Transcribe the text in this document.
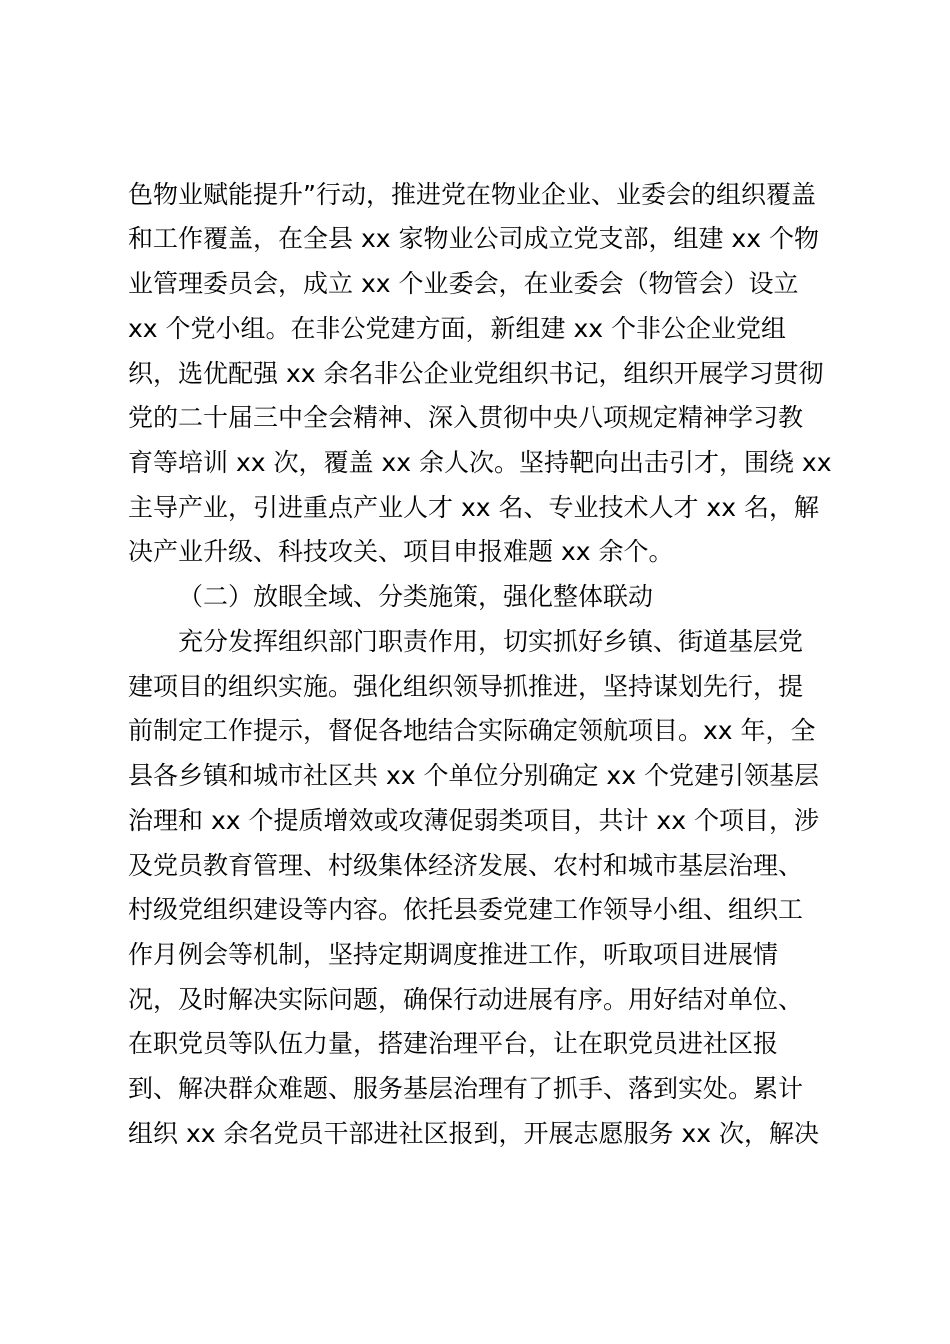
色物业赋能提升”行动，推进党在物业企业、业委会的组织覆盖
和工作覆盖，在全县 xx 家物业公司成立党支部，组建 xx 个物
业管理委员会，成立 xx 个业委会，在业委会（物管会）设立
xx 个党小组。在非公党建方面，新组建 xx 个非公企业党组
织，选优配强 xx 余名非公企业党组织书记，组织开展学习贯彻
党的二十届三中全会精神、深入贯彻中央八项规定精神学习教
育等培训 xx 次，覆盖 xx 余人次。坚持靶向出击引才，围绕 xx
主导产业，引进重点产业人才 xx 名、专业技术人才 xx 名，解
决产业升级、科技攻关、项目申报难题 xx 余个。
（二）放眼全域、分类施策，强化整体联动
充分发挥组织部门职责作用，切实抓好乡镇、街道基层党
建项目的组织实施。强化组织领导抓推进，坚持谋划先行，提
前制定工作提示，督促各地结合实际确定领航项目。xx 年，全
县各乡镇和城市社区共 xx 个单位分别确定 xx 个党建引领基层
治理和 xx 个提质增效或攻薄促弱类项目，共计 xx 个项目，涉
及党员教育管理、村级集体经济发展、农村和城市基层治理、
村级党组织建设等内容。依托县委党建工作领导小组、组织工
作月例会等机制，坚持定期调度推进工作，听取项目进展情
况，及时解决实际问题，确保行动进展有序。用好结对单位、
在职党员等队伍力量，搭建治理平台，让在职党员进社区报
到、解决群众难题、服务基层治理有了抓手、落到实处。累计
组织 xx 余名党员干部进社区报到，开展志愿服务 xx 次，解决
